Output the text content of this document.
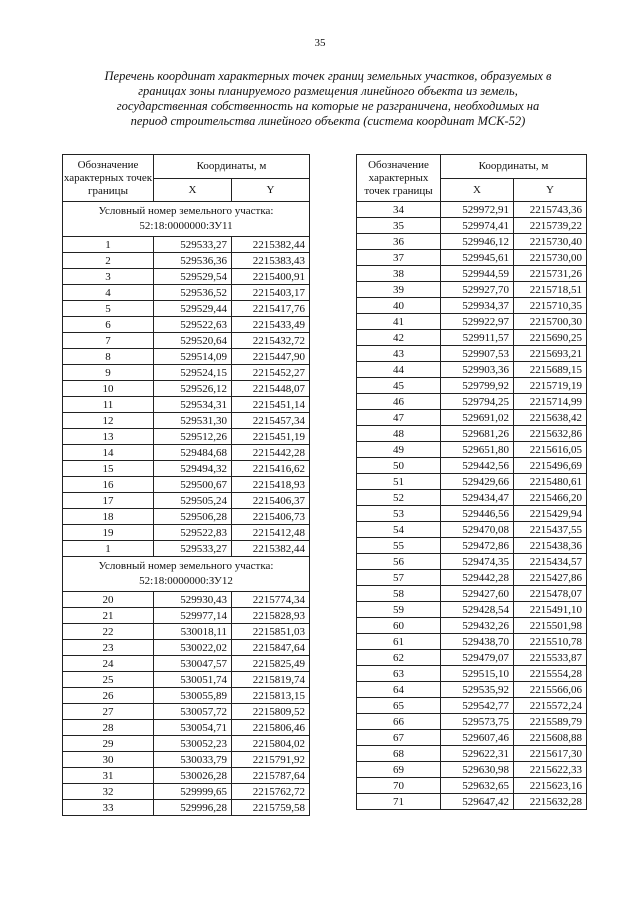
35
Перечень координат характерных точек границ земельных участков, образуемых в
границах зоны планируемого размещения линейного объекта из земель,
государственная собственность на которые не разграничена, необходимых на
период строительства линейного объекта (система координат МСК-52)
Обозначение характерных точек границы	Координаты, м	
	X	Y
Условный номер земельного участка: 52:18:0000000:ЗУ11		
1	529533,27	2215382,44
2	529536,36	2215383,43
3	529529,54	2215400,91
4	529536,52	2215403,17
5	529529,44	2215417,76
6	529522,63	2215433,49
7	529520,64	2215432,72
8	529514,09	2215447,90
9	529524,15	2215452,27
10	529526,12	2215448,07
11	529534,31	2215451,14
12	529531,30	2215457,34
13	529512,26	2215451,19
14	529484,68	2215442,28
15	529494,32	2215416,62
16	529500,67	2215418,93
17	529505,24	2215406,37
18	529506,28	2215406,73
19	529522,83	2215412,48
1	529533,27	2215382,44
Условный номер земельного участка: 52:18:0000000:ЗУ12		
20	529930,43	2215774,34
21	529977,14	2215828,93
22	530018,11	2215851,03
23	530022,02	2215847,64
24	530047,57	2215825,49
25	530051,74	2215819,74
26	530055,89	2215813,15
27	530057,72	2215809,52
28	530054,71	2215806,46
29	530052,23	2215804,02
30	530033,79	2215791,92
31	530026,28	2215787,64
32	529999,65	2215762,72
33	529996,28	2215759,58
Обозначение характерных точек границы	Координаты, м	
	X	Y
34	529972,91	2215743,36
35	529974,41	2215739,22
36	529946,12	2215730,40
37	529945,61	2215730,00
38	529944,59	2215731,26
39	529927,70	2215718,51
40	529934,37	2215710,35
41	529922,97	2215700,30
42	529911,57	2215690,25
43	529907,53	2215693,21
44	529903,36	2215689,15
45	529799,92	2215719,19
46	529794,25	2215714,99
47	529691,02	2215638,42
48	529681,26	2215632,86
49	529651,80	2215616,05
50	529442,56	2215496,69
51	529429,66	2215480,61
52	529434,47	2215466,20
53	529446,56	2215429,94
54	529470,08	2215437,55
55	529472,86	2215438,36
56	529474,35	2215434,57
57	529442,28	2215427,86
58	529427,60	2215478,07
59	529428,54	2215491,10
60	529432,26	2215501,98
61	529438,70	2215510,78
62	529479,07	2215533,87
63	529515,10	2215554,28
64	529535,92	2215566,06
65	529542,77	2215572,24
66	529573,75	2215589,79
67	529607,46	2215608,88
68	529622,31	2215617,30
69	529630,98	2215622,33
70	529632,65	2215623,16
71	529647,42	2215632,28
